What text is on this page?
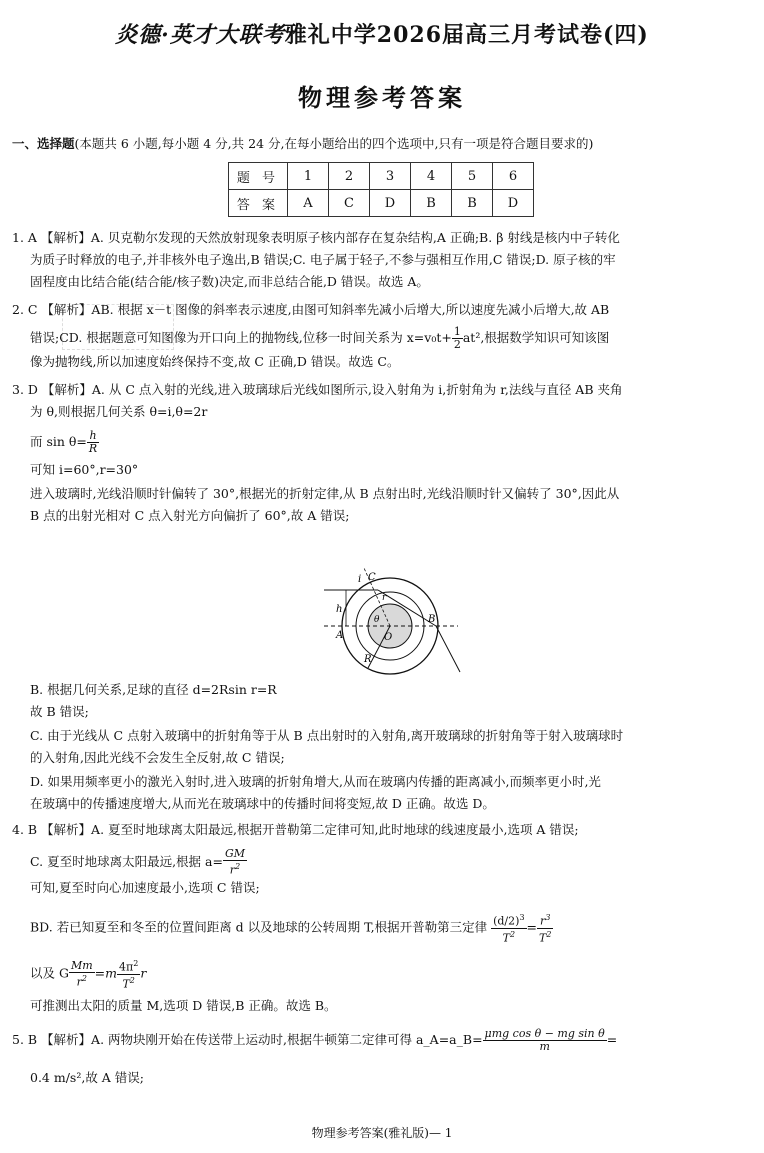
炎德·英才大联考雅礼中学2026届高三月考试卷(四)
物理参考答案
一、选择题(本题共 6 小题,每小题 4 分,共 24 分,在每小题给出的四个选项中,只有一项是符合题目要求的)
题 号	1	2	3	4	5	6
答 案	A	C	D	B	B	D
1. A 【解析】A. 贝克勒尔发现的天然放射现象表明原子核内部存在复杂结构,A 正确;B. β 射线是核内中子转化
为质子时释放的电子,并非核外电子逸出,B 错误;C. 电子属于轻子,不参与强相互作用,C 错误;D. 原子核的牢
固程度由比结合能(结合能/核子数)决定,而非总结合能,D 错误。故选 A。
2. C 【解析】AB. 根据 x－t 图像的斜率表示速度,由图可知斜率先减小后增大,所以速度先减小后增大,故 AB
错误;CD. 根据题意可知图像为开口向上的抛物线,位移一时间关系为 $x=v_0t+ \frac{1}{2} at^2$,根据数学知识可知该图
像为抛物线,所以加速度始终保持不变,故 C 正确,D 错误。故选 C。
3. D 【解析】A. 从 C 点入射的光线,进入玻璃球后光线如图所示,设入射角为 i,折射角为 r,法线与直径 AB 夹角
为 θ,则根据几何关系 θ=i,θ=2r
而 $\sin \theta= \frac{h}{R}$
可知 i=60°,r=30°
进入玻璃时,光线沿顺时针偏转了 30°,根据光的折射定律,从 B 点射出时,光线沿顺时针又偏转了 30°,因此从
B 点的出射光相对 C 点入射光方向偏折了 60°,故 A 错误;
B. 根据几何关系,足球的直径 d=2Rsin r=R
故 B 错误;
C. 由于光线从 C 点射入玻璃中的折射角等于从 B 点出射时的入射角,离开玻璃球的折射角等于射入玻璃球时
的入射角,因此光线不会发生全反射,故 C 错误;
D. 如果用频率更小的激光入射时,进入玻璃的折射角增大,从而在玻璃内传播的距离减小,而频率更小时,光
在玻璃中的传播速度增大,从而光在玻璃球中的传播时间将变短,故 D 正确。故选 D。
4. B 【解析】A. 夏至时地球离太阳最远,根据开普勒第二定律可知,此时地球的线速度最小,选项 A 错误;
C. 夏至时地球离太阳最远,根据 $a= \frac{GM}{r^2}$
可知,夏至时向心加速度最小,选项 C 错误;
BD. 若已知夏至和冬至的位置间距离 d 以及地球的公转周期 T,根据开普勒第三定律 $\frac{(d/2)^3}{T^2} = \frac{r^3}{T^2}$
以及 G $\frac{Mm}{r^2} =m \frac{4\pi^2}{T^2}$ r
可推测出太阳的质量 M,选项 D 错误,B 正确。故选 B。
5. B 【解析】A. 两物块刚开始在传送带上运动时,根据牛顿第二定律可得 a_A=a_B= $\frac{\text{μmg cos θ − mg sin θ}}{m}$ =
0.4 m/s²,故 A 错误;
i C
r
h
A	O
θ	B
R
物理参考答案(雅礼版)— 1
